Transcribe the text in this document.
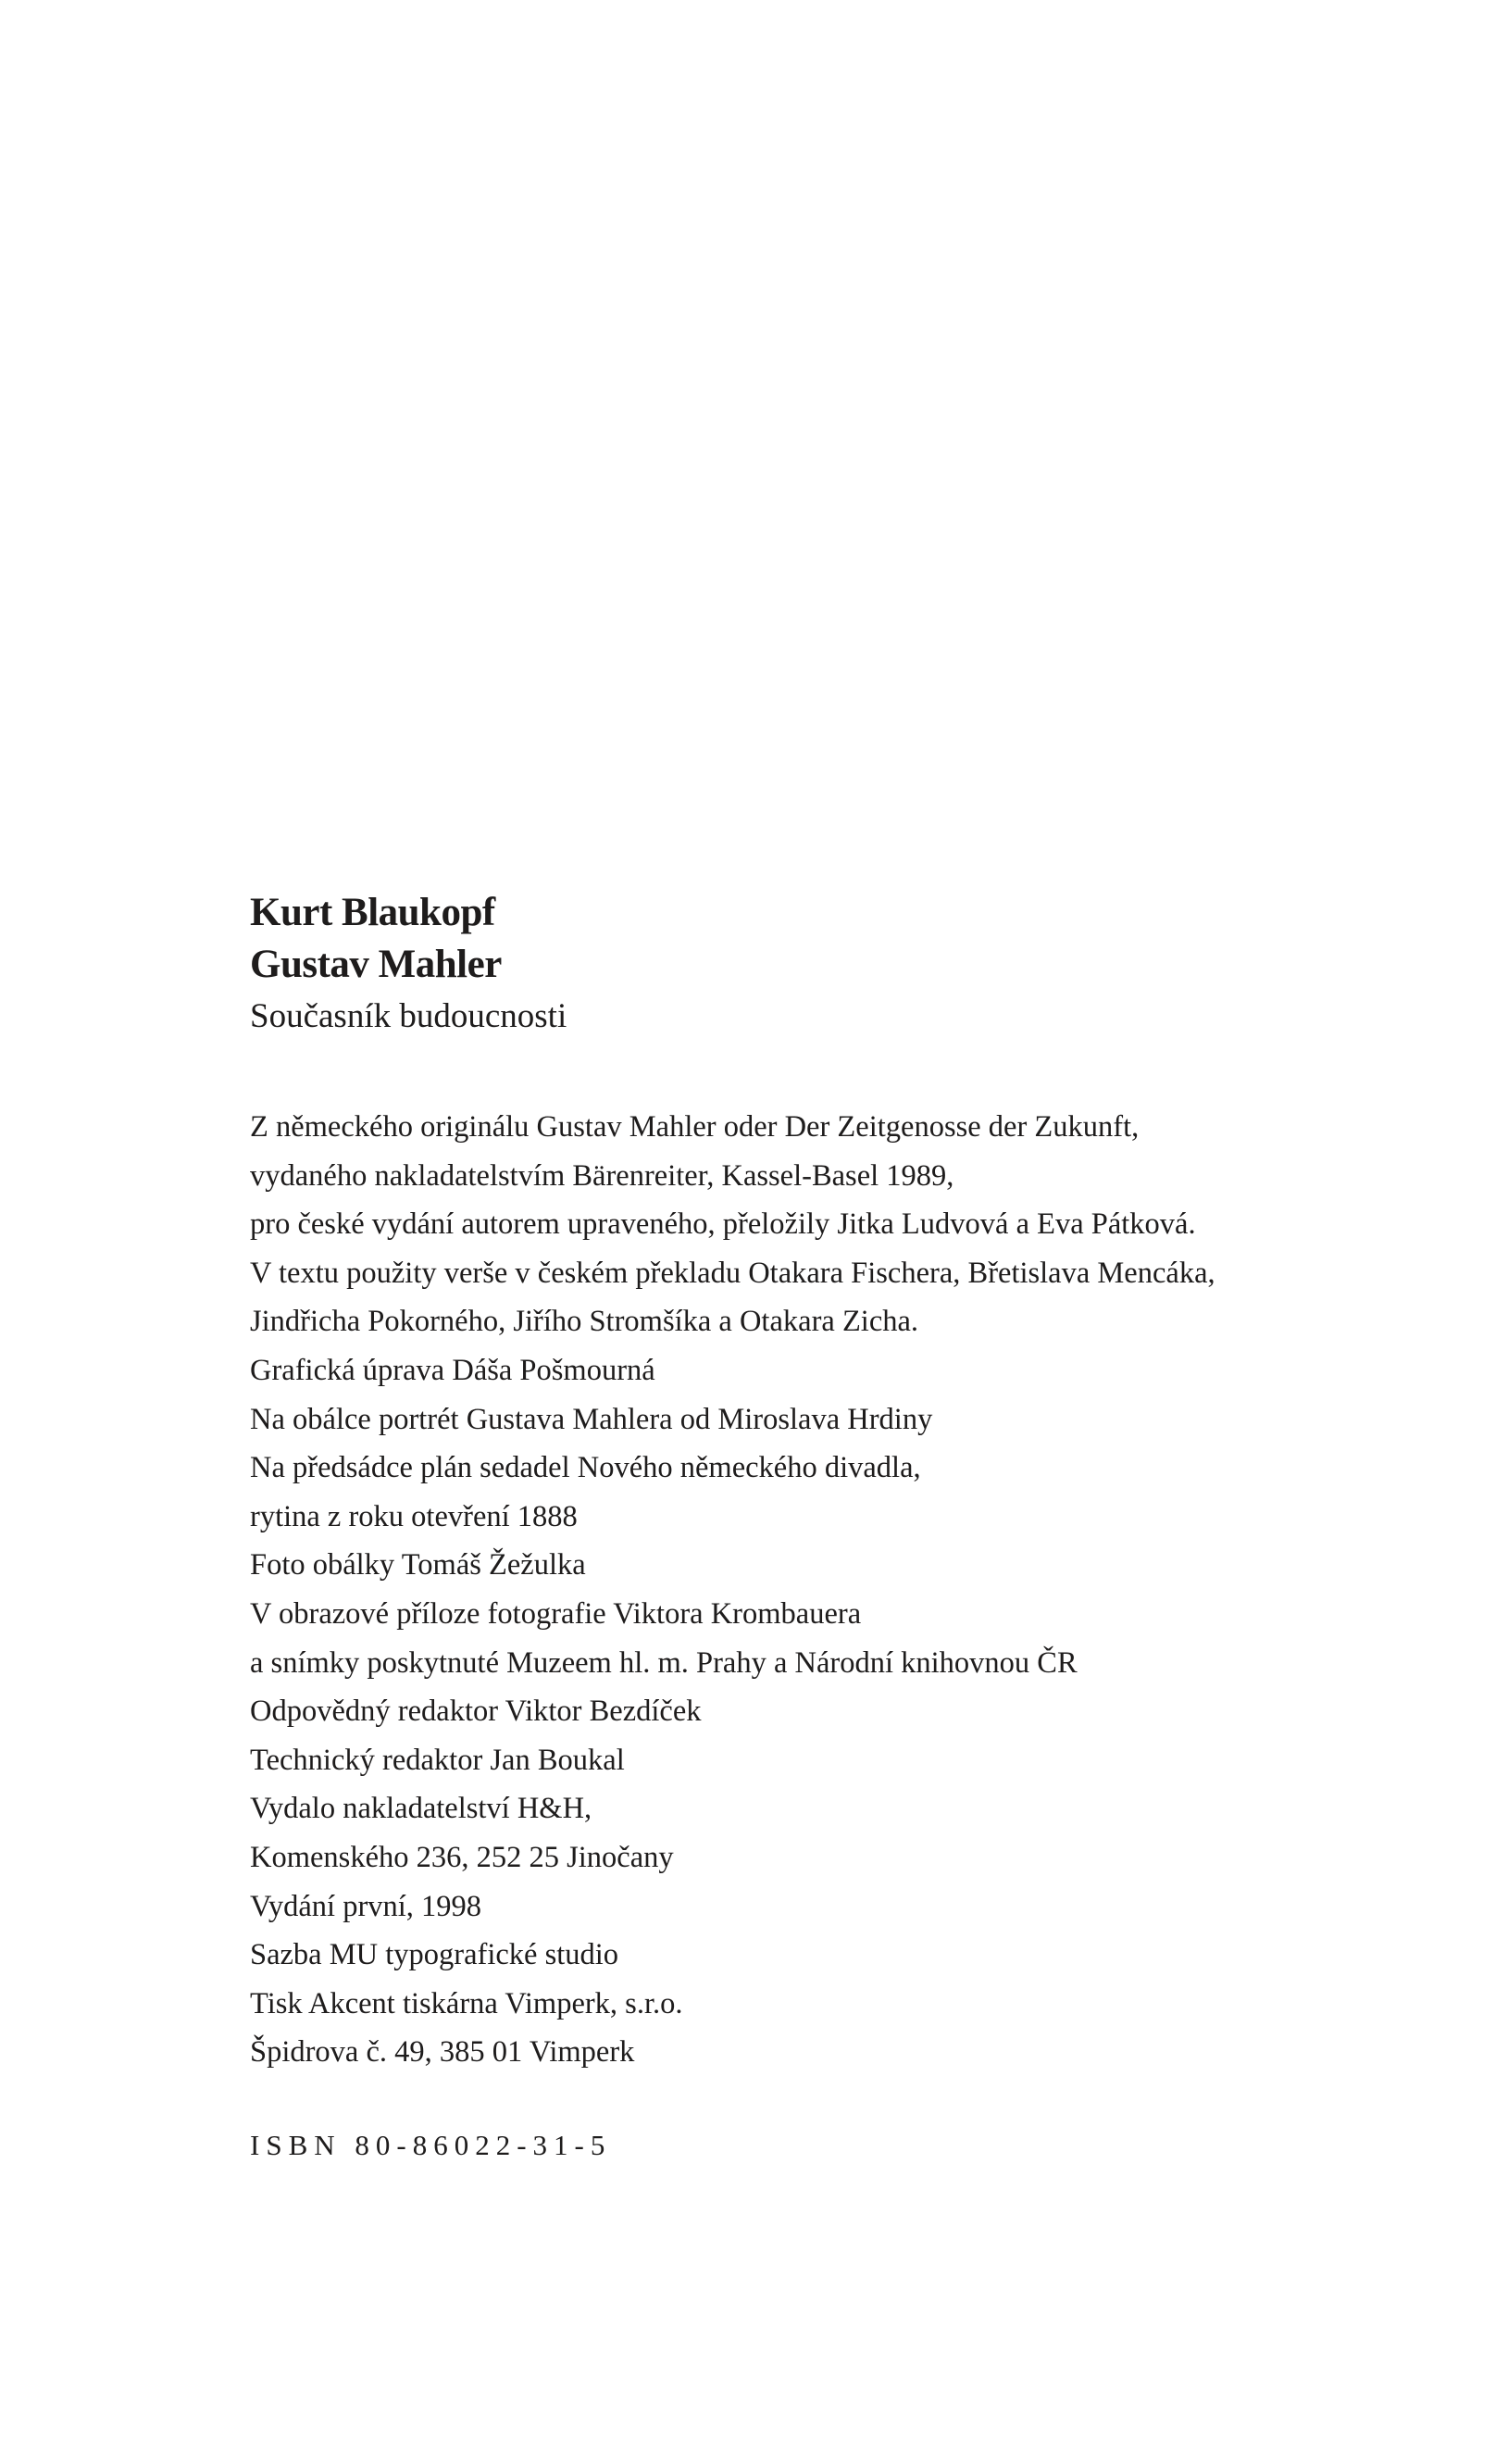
Kurt Blaukopf
Gustav Mahler
Současník budoucnosti
Z německého originálu Gustav Mahler oder Der Zeitgenosse der Zukunft,
vydaného nakladatelstvím Bärenreiter, Kassel-Basel 1989,
pro české vydání autorem upraveného, přeložily Jitka Ludvová a Eva Pátková.
V textu použity verše v českém překladu Otakara Fischera, Břetislava Mencáka,
Jindřicha Pokorného, Jiřího Stromšíka a Otakara Zicha.
Grafická úprava Dáša Pošmourná
Na obálce portrét Gustava Mahlera od Miroslava Hrdiny
Na předsádce plán sedadel Nového německého divadla,
rytina z roku otevření 1888
Foto obálky Tomáš Žežulka
V obrazové příloze fotografie Viktora Krombauera
a snímky poskytnuté Muzeem hl. m. Prahy a Národní knihovnou ČR
Odpovědný redaktor Viktor Bezdíček
Technický redaktor Jan Boukal
Vydalo nakladatelství H&H,
Komenského 236, 252 25 Jinočany
Vydání první, 1998
Sazba MU typografické studio
Tisk Akcent tiskárna Vimperk, s.r.o.
Špidrova č. 49, 385 01 Vimperk
ISBN 80-86022-31-5
